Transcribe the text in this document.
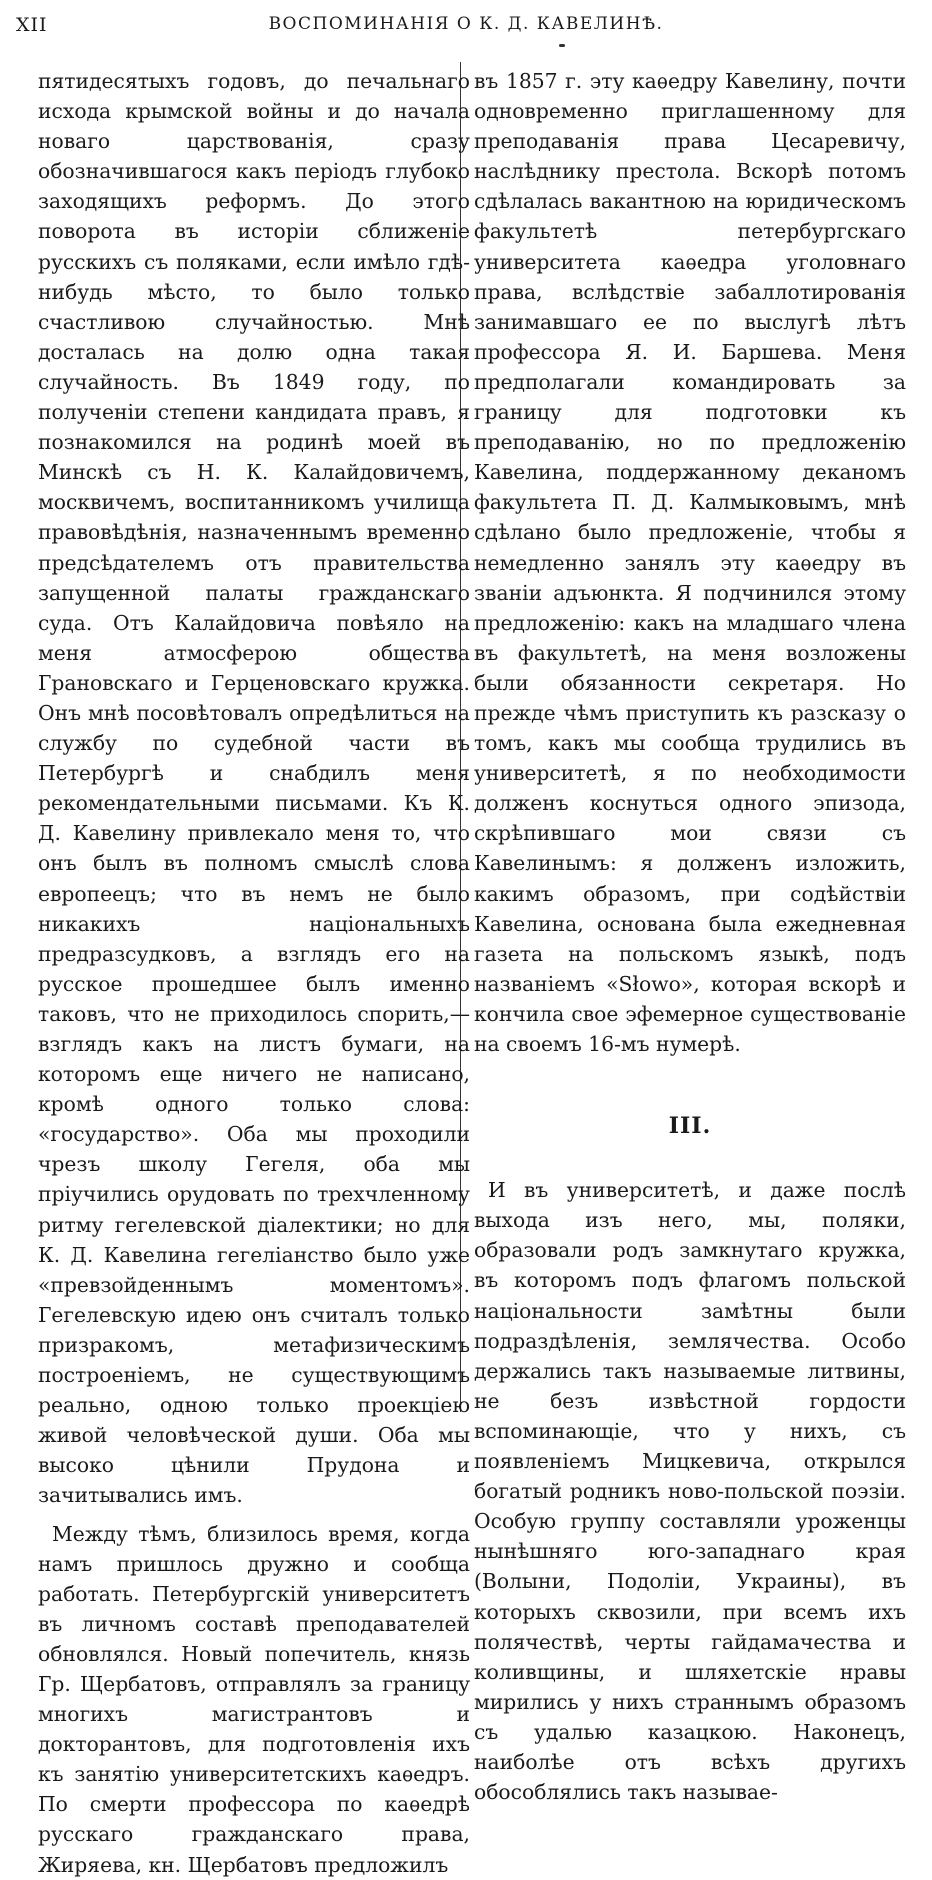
XII	ВОСПОМИНАНІЯ О К. Д. КАВЕЛИНѢ.

пятидесятыхъ годовъ, до печальнаго исхода крымской войны и до начала новаго царствованія, сразу обозначившагося какъ періодъ глубоко заходящихъ реформъ. До этого поворота въ исторіи сближеніе русскихъ съ поляками, если имѣло гдѣ-нибудь мѣсто, то было только счастливою случайностью. Мнѣ досталась на долю одна такая случайность. Въ 1849 году, по полученіи степени кандидата правъ, я познакомился на родинѣ моей въ Минскѣ съ Н. К. Калайдовичемъ, москвичемъ, воспитанникомъ училища правовѣдѣнія, назначеннымъ временно предсѣдателемъ отъ правительства запущенной палаты гражданскаго суда. Отъ Калайдовича повѣяло на меня атмосферою общества Грановскаго и Герценовскаго кружка. Онъ мнѣ посовѣтовалъ опредѣлиться на службу по судебной части въ Петербургѣ и снабдилъ меня рекомендательными письмами. Къ К. Д. Кавелину привлекало меня то, что онъ былъ въ полномъ смыслѣ слова европеецъ; что въ немъ не было никакихъ національныхъ предразсудковъ, а взглядъ его на русское прошедшее былъ именно таковъ, что не приходилось спорить,—взглядъ какъ на листъ бумаги, на которомъ еще ничего не написано, кромѣ одного только слова: «государство». Оба мы проходили чрезъ школу Гегеля, оба мы пріучились орудовать по трехчленному ритму гегелевской діалектики; но для К. Д. Кавелина гегеліанство было уже «превзойденнымъ моментомъ». Гегелевскую идею онъ считалъ только призракомъ, метафизическимъ построеніемъ, не существующимъ реально, одною только проекціею живой человѣческой души. Оба мы высоко цѣнили Прудона и зачитывались имъ.

Между тѣмъ, близилось время, когда намъ пришлось дружно и сообща работать. Петербургскій университетъ въ личномъ составѣ преподавателей обновлялся. Новый попечитель, князь Гр. Щербатовъ, отправлялъ за границу многихъ магистрантовъ и докторантовъ, для подготовленія ихъ къ занятію университетскихъ каѳедръ. По смерти профессора по каѳедрѣ русскаго гражданскаго права, Жиряева, кн. Щербатовъ предложилъ

въ 1857 г. эту каѳедру Кавелину, почти одновременно приглашенному для преподаванія права Цесаревичу, наслѣднику престола. Вскорѣ потомъ сдѣлалась вакантною на юридическомъ факультетѣ петербургскаго университета каѳедра уголовнаго права, вслѣдствіе забаллотированія занимавшаго ее по выслугѣ лѣтъ профессора Я. И. Баршева. Меня предполагали командировать за границу для подготовки къ преподаванію, но по предложенію Кавелина, поддержанному деканомъ факультета П. Д. Калмыковымъ, мнѣ сдѣлано было предложеніе, чтобы я немедленно занялъ эту каѳедру въ званіи адъюнкта. Я подчинился этому предложенію: какъ на младшаго члена въ факультетѣ, на меня возложены были обязанности секретаря. Но прежде чѣмъ приступить къ разсказу о томъ, какъ мы сообща трудились въ университетѣ, я по необходимости долженъ коснуться одного эпизода, скрѣпившаго мои связи съ Кавелинымъ: я долженъ изложить, какимъ образомъ, при содѣйствіи Кавелина, основана была ежедневная газета на польскомъ языкѣ, подъ названіемъ «Słowo», которая вскорѣ и кончила свое эфемерное существованіе на своемъ 16-мъ нумерѣ.

III.

И въ университетѣ, и даже послѣ выхода изъ него, мы, поляки, образовали родъ замкнутаго кружка, въ которомъ подъ флагомъ польской національности замѣтны были подраздѣленія, землячества. Особо держались такъ называемые литвины, не безъ извѣстной гордости вспоминающіе, что у нихъ, съ появленіемъ Мицкевича, открылся богатый родникъ ново-польской поэзіи. Особую группу составляли уроженцы нынѣшняго юго-западнаго края (Волыни, Подоліи, Украины), въ которыхъ сквозили, при всемъ ихъ полячествѣ, черты гайдамачества и коливщины, и шляхетскіе нравы мирились у нихъ страннымъ образомъ съ удалью казацкою. Наконецъ, наиболѣе отъ всѣхъ другихъ обособлялись такъ называе-
